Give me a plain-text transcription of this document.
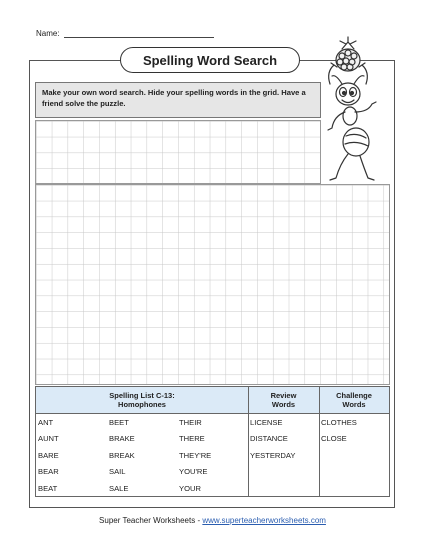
Name:
Spelling Word Search
Make your own word search. Hide your spelling words in the grid. Have a friend solve the puzzle.
Spelling List C-13:
Homophones
Review
Words
Challenge
Words
ANT
AUNT
BARE
BEAR
BEAT
BEET
BRAKE
BREAK
SAIL
SALE
THEIR
THERE
THEY'RE
YOU'RE
YOUR
LICENSE
DISTANCE
YESTERDAY
CLOTHES
CLOSE
Super Teacher Worksheets - www.superteacherworksheets.com
